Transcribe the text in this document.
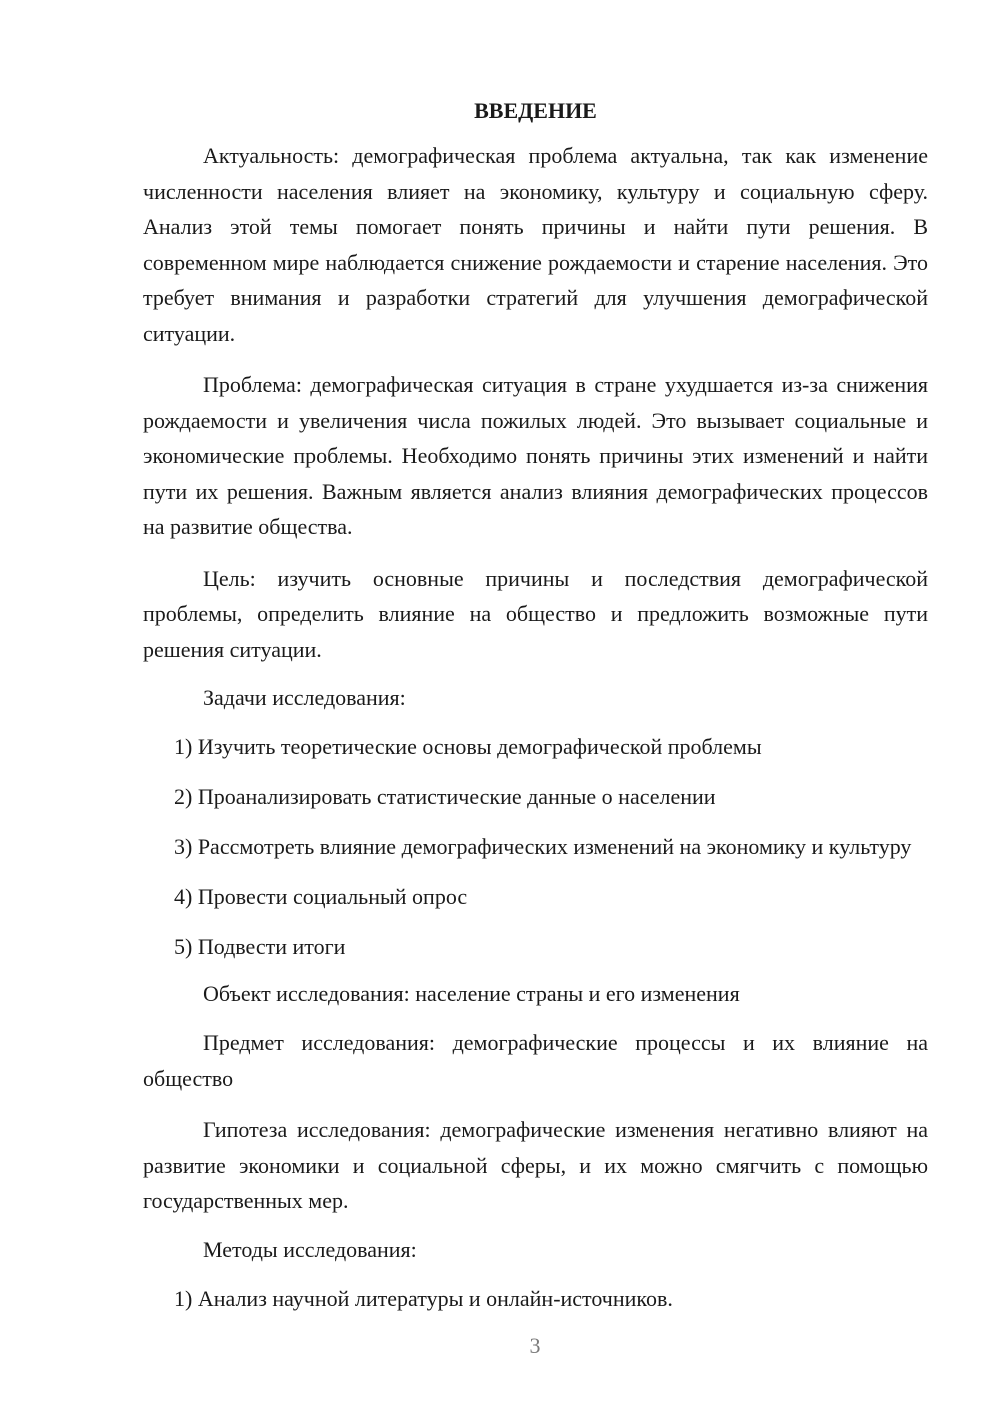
ВВЕДЕНИЕ

Актуальность: демографическая проблема актуальна, так как изменение численности населения влияет на экономику, культуру и социальную сферу. Анализ этой темы помогает понять причины и найти пути решения. В современном мире наблюдается снижение рождаемости и старение населения. Это требует внимания и разработки стратегий для улучшения демографической ситуации.

Проблема: демографическая ситуация в стране ухудшается из-за снижения рождаемости и увеличения числа пожилых людей. Это вызывает социальные и экономические проблемы. Необходимо понять причины этих изменений и найти пути их решения. Важным является анализ влияния демографических процессов на развитие общества.

Цель: изучить основные причины и последствия демографической проблемы, определить влияние на общество и предложить возможные пути решения ситуации.

Задачи исследования:

1) Изучить теоретические основы демографической проблемы

2) Проанализировать статистические данные о населении

3) Рассмотреть влияние демографических изменений на экономику и культуру

4) Провести социальный опрос

5) Подвести итоги

Объект исследования: население страны и его изменения

Предмет исследования: демографические процессы и их влияние на общество

Гипотеза исследования: демографические изменения негативно влияют на развитие экономики и социальной сферы, и их можно смягчить с помощью государственных мер.

Методы исследования:

1) Анализ научной литературы и онлайн-источников.

3
